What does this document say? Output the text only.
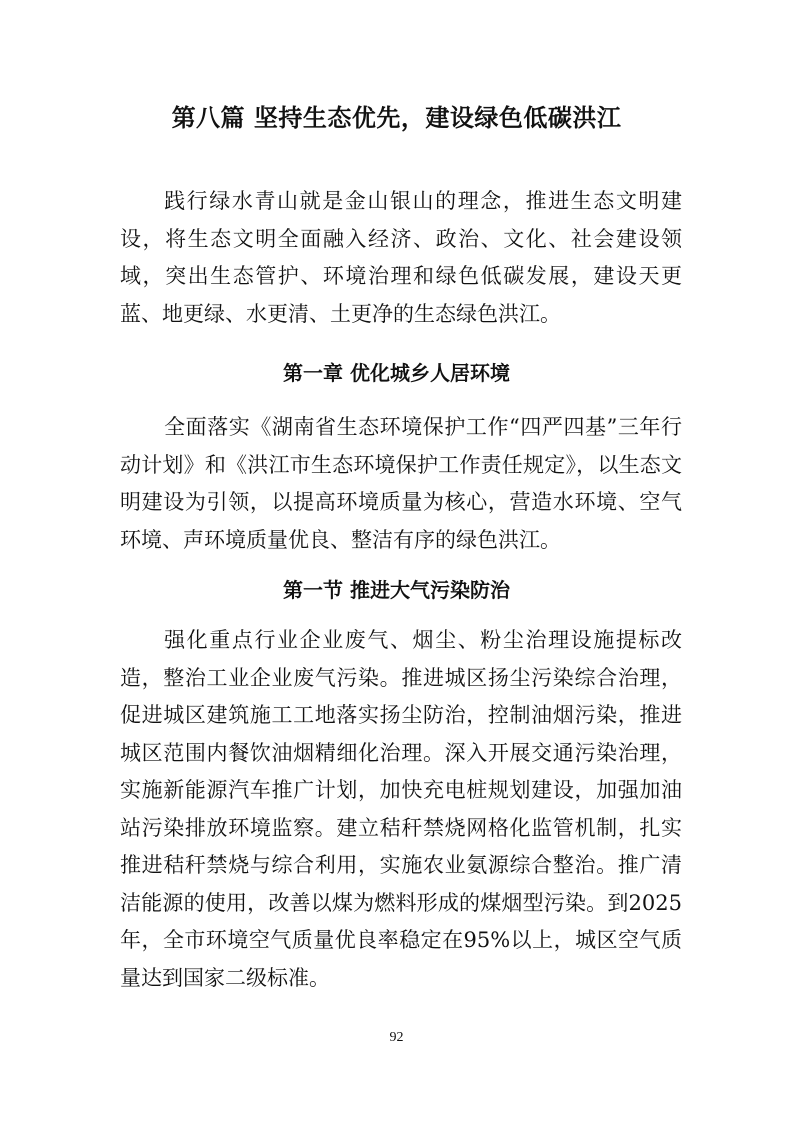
第八篇 坚持生态优先，建设绿色低碳洪江
践行绿水青山就是金山银山的理念，推进生态文明建设，将生态文明全面融入经济、政治、文化、社会建设领域，突出生态管护、环境治理和绿色低碳发展，建设天更蓝、地更绿、水更清、土更净的生态绿色洪江。
第一章 优化城乡人居环境
全面落实《湖南省生态环境保护工作“四严四基”三年行动计划》和《洪江市生态环境保护工作责任规定》，以生态文明建设为引领，以提高环境质量为核心，营造水环境、空气环境、声环境质量优良、整洁有序的绿色洪江。
第一节 推进大气污染防治
强化重点行业企业废气、烟尘、粉尘治理设施提标改造，整治工业企业废气污染。推进城区扬尘污染综合治理，促进城区建筑施工工地落实扬尘防治，控制油烟污染，推进城区范围内餐饮油烟精细化治理。深入开展交通污染治理，实施新能源汽车推广计划，加快充电桩规划建设，加强加油站污染排放环境监察。建立秸秆禁烧网格化监管机制，扎实推进秸秆禁烧与综合利用，实施农业氨源综合整治。推广清洁能源的使用，改善以煤为燃料形成的煤烟型污染。到2025年，全市环境空气质量优良率稳定在95%以上，城区空气质量达到国家二级标准。
92
